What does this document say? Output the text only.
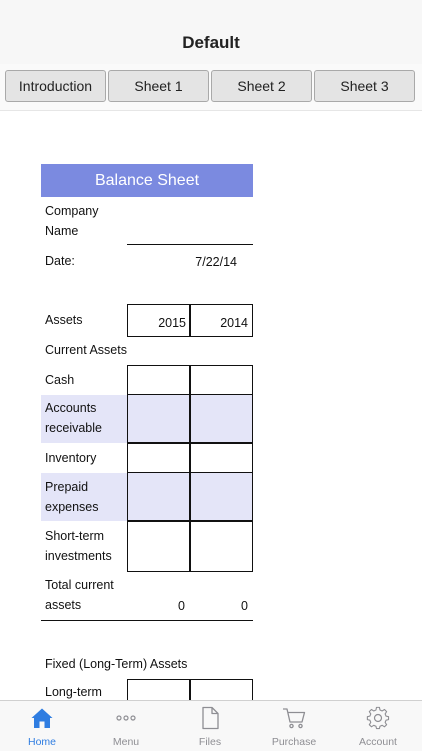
Default
Introduction	Sheet 1	Sheet 2	Sheet 3
Balance Sheet
Company
Name
Date:	7/22/14
Assets	2015	2014
Current Assets
Cash
Accounts
receivable
Inventory
Prepaid
expenses
Short-term
investments
Total current
assets	0	0
Fixed (Long-Term) Assets
Long-term
Home	Menu	Files	Purchase	Account
